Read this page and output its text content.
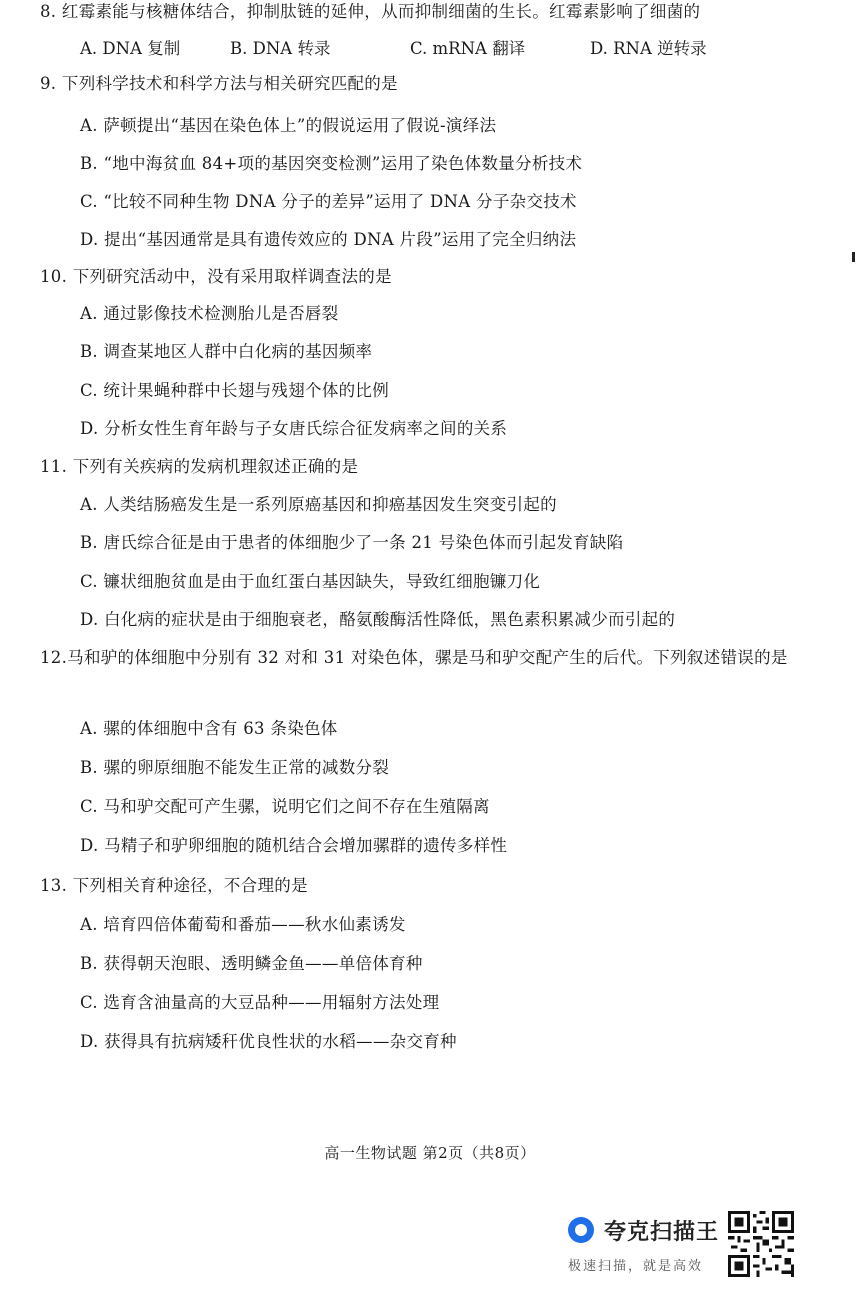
8. 红霉素能与核糖体结合，抑制肽链的延伸，从而抑制细菌的生长。红霉素影响了细菌的
A. DNA 复制	B. DNA 转录	C. mRNA 翻译	D. RNA 逆转录
9. 下列科学技术和科学方法与相关研究匹配的是
A. 萨顿提出“基因在染色体上”的假说运用了假说-演绎法
B. “地中海贫血 84+项的基因突变检测”运用了染色体数量分析技术
C. “比较不同种生物 DNA 分子的差异”运用了 DNA 分子杂交技术
D. 提出“基因通常是具有遗传效应的 DNA 片段”运用了完全归纳法
10. 下列研究活动中，没有采用取样调查法的是
A. 通过影像技术检测胎儿是否唇裂
B. 调查某地区人群中白化病的基因频率
C. 统计果蝇种群中长翅与残翅个体的比例
D. 分析女性生育年龄与子女唐氏综合征发病率之间的关系
11. 下列有关疾病的发病机理叙述正确的是
A. 人类结肠癌发生是一系列原癌基因和抑癌基因发生突变引起的
B. 唐氏综合征是由于患者的体细胞少了一条 21 号染色体而引起发育缺陷
C. 镰状细胞贫血是由于血红蛋白基因缺失，导致红细胞镰刀化
D. 白化病的症状是由于细胞衰老，酪氨酸酶活性降低，黑色素积累减少而引起的
12.马和驴的体细胞中分别有 32 对和 31 对染色体，骡是马和驴交配产生的后代。下列叙述错误的是
A. 骡的体细胞中含有 63 条染色体
B. 骡的卵原细胞不能发生正常的减数分裂
C. 马和驴交配可产生骡，说明它们之间不存在生殖隔离
D. 马精子和驴卵细胞的随机结合会增加骡群的遗传多样性
13. 下列相关育种途径，不合理的是
A. 培育四倍体葡萄和番茄——秋水仙素诱发
B. 获得朝天泡眼、透明鳞金鱼——单倍体育种
C. 选育含油量高的大豆品种——用辐射方法处理
D. 获得具有抗病矮秆优良性状的水稻——杂交育种
高一生物试题 第2页（共8页）
夸克扫描王
极速扫描，就是高效
